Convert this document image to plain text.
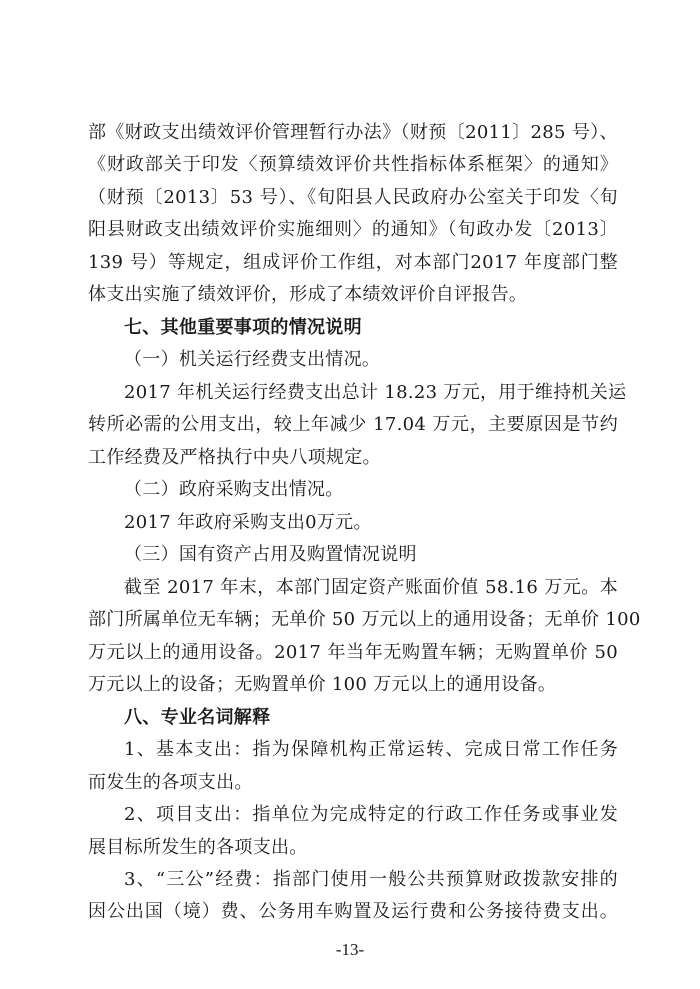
部《财政支出绩效评价管理暂行办法》（财预〔2011〕285 号）、
《财政部关于印发〈预算绩效评价共性指标体系框架〉的通知》
（财预〔2013〕53 号）、《旬阳县人民政府办公室关于印发〈旬
阳县财政支出绩效评价实施细则〉的通知》（旬政办发〔2013〕
139 号）等规定，组成评价工作组，对本部门2017 年度部门整
体支出实施了绩效评价，形成了本绩效评价自评报告。
七、其他重要事项的情况说明
（一）机关运行经费支出情况。
2017 年机关运行经费支出总计 18.23 万元，用于维持机关运
转所必需的公用支出，较上年减少 17.04 万元，主要原因是节约
工作经费及严格执行中央八项规定。
（二）政府采购支出情况。
2017 年政府采购支出0万元。
（三）国有资产占用及购置情况说明
截至 2017 年末，本部门固定资产账面价值 58.16 万元。本
部门所属单位无车辆；无单价 50 万元以上的通用设备；无单价 100
万元以上的通用设备。2017 年当年无购置车辆；无购置单价 50
万元以上的设备；无购置单价 100 万元以上的通用设备。
八、专业名词解释
1、基本支出：指为保障机构正常运转、完成日常工作任务
而发生的各项支出。
2、项目支出：指单位为完成特定的行政工作任务或事业发
展目标所发生的各项支出。
3、“三公”经费：指部门使用一般公共预算财政拨款安排的
因公出国（境）费、公务用车购置及运行费和公务接待费支出。
-13-
